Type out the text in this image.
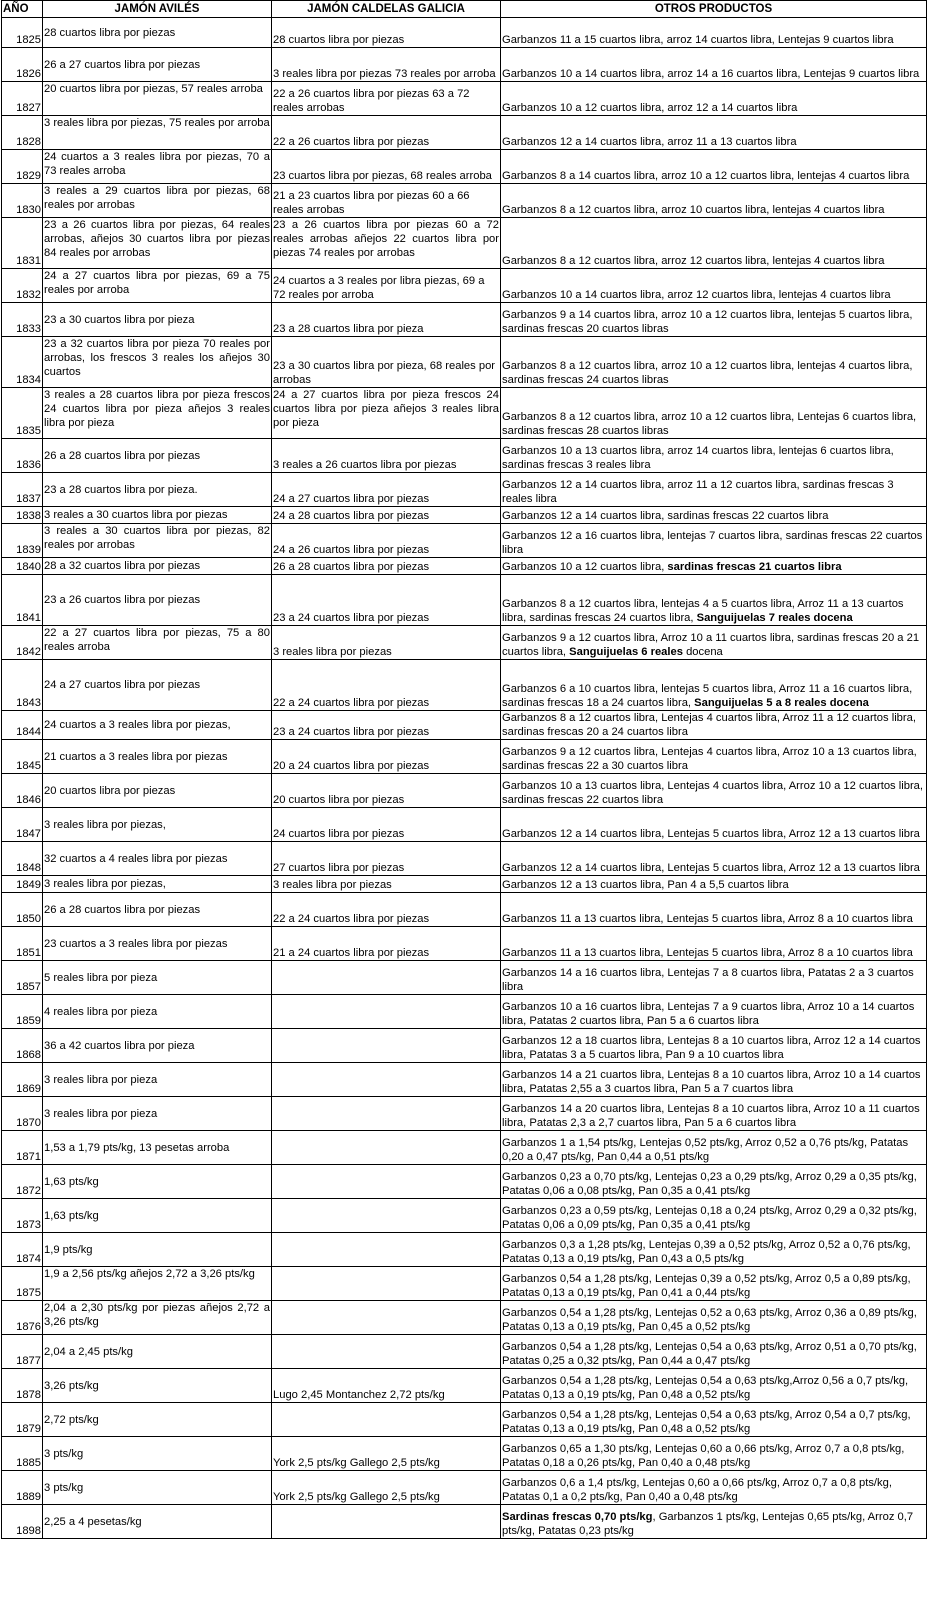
AÑO	JAMÓN AVILÉS	JAMÓN CALDELAS GALICIA	OTROS PRODUCTOS
1825	28 cuartos libra por piezas	28 cuartos libra por piezas	Garbanzos 11 a 15 cuartos libra, arroz 14 cuartos libra, Lentejas 9 cuartos libra
1826	26 a 27 cuartos libra por piezas	3 reales libra por piezas 73 reales por arroba	Garbanzos 10 a 14 cuartos libra, arroz 14 a 16 cuartos libra, Lentejas 9 cuartos libra
1827	20 cuartos libra por piezas, 57 reales arroba	22 a 26 cuartos libra por piezas 63 a 72 reales arrobas	Garbanzos 10 a 12 cuartos libra, arroz 12 a 14 cuartos libra
1828	3 reales libra por piezas, 75 reales por arroba	22 a 26 cuartos libra por piezas	Garbanzos 12 a 14 cuartos libra, arroz 11 a 13 cuartos libra
1829	24 cuartos a 3 reales libra por piezas, 70 a 73 reales arroba	23 cuartos libra por piezas, 68 reales arroba	Garbanzos 8 a 14 cuartos libra, arroz 10 a 12 cuartos libra, lentejas 4 cuartos libra
1830	3 reales a 29 cuartos libra por piezas, 68 reales por arrobas	21 a 23 cuartos libra por piezas 60 a 66 reales arrobas	Garbanzos 8 a 12 cuartos libra, arroz 10 cuartos libra, lentejas 4 cuartos libra
1831	23 a 26 cuartos libra por piezas, 64 reales arrobas, añejos 30 cuartos libra por piezas 84 reales por arrobas	23 a 26 cuartos libra por piezas 60 a 72 reales arrobas añejos 22 cuartos libra por piezas 74 reales por arrobas	Garbanzos 8 a 12 cuartos libra, arroz 12 cuartos libra, lentejas 4 cuartos libra
1832	24 a 27 cuartos libra por piezas, 69 a 75 reales por arroba	24 cuartos a 3 reales por libra piezas, 69 a 72 reales por arroba	Garbanzos 10 a 14 cuartos libra, arroz 12 cuartos libra, lentejas 4 cuartos libra
1833	23 a 30 cuartos libra por pieza	23 a 28 cuartos libra por pieza	Garbanzos 9 a 14 cuartos libra, arroz 10 a 12 cuartos libra, lentejas 5 cuartos libra, sardinas frescas 20 cuartos libras
1834	23 a 32 cuartos libra por pieza 70 reales por arrobas, los frescos 3 reales los añejos 30 cuartos	23 a 30 cuartos libra por pieza, 68 reales por arrobas	Garbanzos 8 a 12 cuartos libra, arroz 10 a 12 cuartos libra, lentejas 4 cuartos libra, sardinas frescas 24 cuartos libras
1835	3 reales a 28 cuartos libra por pieza frescos 24 cuartos libra por pieza añejos 3 reales libra por pieza	24 a 27 cuartos libra por pieza frescos 24 cuartos libra por pieza añejos 3 reales libra por pieza	Garbanzos 8 a 12 cuartos libra, arroz 10 a 12 cuartos libra, Lentejas 6 cuartos libra, sardinas frescas 28 cuartos libras
1836	26 a 28 cuartos libra por piezas	3 reales a 26 cuartos libra por piezas	Garbanzos 10 a 13 cuartos libra, arroz 14 cuartos libra, lentejas 6 cuartos libra, sardinas frescas 3 reales libra
1837	23 a 28 cuartos libra por pieza.	24 a 27 cuartos libra por piezas	Garbanzos 12 a 14 cuartos libra, arroz 11 a 12 cuartos libra, sardinas frescas 3 reales libra
1838	3 reales a 30 cuartos libra por piezas	24 a 28 cuartos libra por piezas	Garbanzos 12 a 14 cuartos libra, sardinas frescas 22 cuartos libra
1839	3 reales a 30 cuartos libra por piezas, 82 reales por arrobas	24 a 26 cuartos libra por piezas	Garbanzos 12 a 16 cuartos libra, lentejas 7 cuartos libra, sardinas frescas 22 cuartos libra
1840	28 a 32 cuartos libra por piezas	26 a 28 cuartos libra por piezas	Garbanzos 10 a 12 cuartos libra, sardinas frescas 21 cuartos libra
1841	23 a 26 cuartos libra por piezas	23 a 24 cuartos libra por piezas	Garbanzos 8 a 12 cuartos libra, lentejas 4 a 5 cuartos libra, Arroz 11 a 13 cuartos libra, sardinas frescas 24 cuartos libra, Sanguijuelas 7 reales docena
1842	22 a 27 cuartos libra por piezas, 75 a 80 reales arroba	3 reales libra por piezas	Garbanzos 9 a 12 cuartos libra, Arroz 10 a 11 cuartos libra, sardinas frescas 20 a 21 cuartos libra, Sanguijuelas 6 reales docena
1843	24 a 27 cuartos libra por piezas	22 a 24 cuartos libra por piezas	Garbanzos 6 a 10 cuartos libra, lentejas 5 cuartos libra, Arroz 11 a 16 cuartos libra, sardinas frescas 18 a 24 cuartos libra, Sanguijuelas 5 a 8 reales docena
1844	24 cuartos a 3 reales libra por piezas,	23 a 24 cuartos libra por piezas	Garbanzos 8 a 12 cuartos libra, Lentejas 4 cuartos libra, Arroz 11 a 12 cuartos libra, sardinas frescas 20 a 24 cuartos libra
1845	21 cuartos a 3 reales libra por piezas	20 a 24 cuartos libra por piezas	Garbanzos 9 a 12 cuartos libra, Lentejas 4 cuartos libra, Arroz 10 a 13 cuartos libra, sardinas frescas 22 a 30 cuartos libra
1846	20 cuartos libra por piezas	20 cuartos libra por piezas	Garbanzos 10 a 13 cuartos libra, Lentejas 4 cuartos libra, Arroz 10 a 12 cuartos libra, sardinas frescas 22 cuartos libra
1847	3 reales libra por piezas,	24 cuartos libra por piezas	Garbanzos 12 a 14 cuartos libra, Lentejas 5 cuartos libra, Arroz 12 a 13 cuartos libra
1848	32 cuartos a 4 reales libra por piezas	27 cuartos libra por piezas	Garbanzos 12 a 14 cuartos libra, Lentejas 5 cuartos libra, Arroz 12 a 13 cuartos libra
1849	3 reales libra por piezas,	3 reales libra por piezas	Garbanzos 12 a 13 cuartos libra, Pan 4 a 5,5 cuartos libra
1850	26 a 28 cuartos libra por piezas	22 a 24 cuartos libra por piezas	Garbanzos 11 a 13 cuartos libra, Lentejas 5 cuartos libra, Arroz 8 a 10 cuartos libra
1851	23 cuartos a 3 reales libra por piezas	21 a 24 cuartos libra por piezas	Garbanzos 11 a 13 cuartos libra, Lentejas 5 cuartos libra, Arroz 8 a 10 cuartos libra
1857	5 reales libra por pieza		Garbanzos 14 a 16 cuartos libra, Lentejas 7 a 8 cuartos libra, Patatas 2 a 3 cuartos libra
1859	4 reales libra por pieza		Garbanzos 10 a 16 cuartos libra, Lentejas 7 a 9 cuartos libra, Arroz 10 a 14 cuartos libra, Patatas 2 cuartos libra, Pan 5 a 6 cuartos libra
1868	36 a 42 cuartos libra por pieza		Garbanzos 12 a 18 cuartos libra, Lentejas 8 a 10 cuartos libra, Arroz 12 a 14 cuartos libra, Patatas 3 a 5 cuartos libra, Pan 9 a 10 cuartos libra
1869	3 reales libra por pieza		Garbanzos 14 a 21 cuartos libra, Lentejas 8 a 10 cuartos libra, Arroz 10 a 14 cuartos libra, Patatas 2,55 a 3 cuartos libra, Pan 5 a 7 cuartos libra
1870	3 reales libra por pieza		Garbanzos 14 a 20 cuartos libra, Lentejas 8 a 10 cuartos libra, Arroz 10 a 11 cuartos libra, Patatas 2,3 a 2,7 cuartos libra, Pan 5 a 6 cuartos libra
1871	1,53 a 1,79 pts/kg, 13 pesetas arroba		Garbanzos 1 a 1,54 pts/kg, Lentejas 0,52 pts/kg, Arroz 0,52 a 0,76 pts/kg, Patatas 0,20 a 0,47 pts/kg, Pan 0,44 a 0,51 pts/kg
1872	1,63 pts/kg		Garbanzos 0,23 a 0,70 pts/kg, Lentejas 0,23 a 0,29 pts/kg, Arroz 0,29 a 0,35 pts/kg, Patatas 0,06 a 0,08 pts/kg, Pan 0,35 a 0,41 pts/kg
1873	1,63 pts/kg		Garbanzos 0,23 a 0,59 pts/kg, Lentejas 0,18 a 0,24 pts/kg, Arroz 0,29 a 0,32 pts/kg, Patatas 0,06 a 0,09 pts/kg, Pan 0,35 a 0,41 pts/kg
1874	1,9 pts/kg		Garbanzos 0,3 a 1,28 pts/kg, Lentejas 0,39 a 0,52 pts/kg, Arroz 0,52 a 0,76 pts/kg, Patatas 0,13 a 0,19 pts/kg, Pan 0,43 a 0,5 pts/kg
1875	1,9 a 2,56 pts/kg añejos 2,72 a 3,26 pts/kg		Garbanzos 0,54 a 1,28 pts/kg, Lentejas 0,39 a 0,52 pts/kg, Arroz 0,5 a 0,89 pts/kg, Patatas 0,13 a 0,19 pts/kg, Pan 0,41 a 0,44 pts/kg
1876	2,04 a 2,30 pts/kg por piezas añejos 2,72 a 3,26 pts/kg		Garbanzos 0,54 a 1,28 pts/kg, Lentejas 0,52 a 0,63 pts/kg, Arroz 0,36 a 0,89 pts/kg, Patatas 0,13 a 0,19 pts/kg, Pan 0,45 a 0,52 pts/kg
1877	2,04 a 2,45 pts/kg		Garbanzos 0,54 a 1,28 pts/kg, Lentejas 0,54 a 0,63 pts/kg, Arroz 0,51 a 0,70 pts/kg, Patatas 0,25 a 0,32 pts/kg, Pan 0,44 a 0,47 pts/kg
1878	3,26 pts/kg	Lugo 2,45 Montanchez 2,72 pts/kg	Garbanzos 0,54 a 1,28 pts/kg, Lentejas 0,54 a 0,63 pts/kg,Arroz 0,56 a 0,7 pts/kg, Patatas 0,13 a 0,19 pts/kg, Pan 0,48 a 0,52 pts/kg
1879	2,72 pts/kg		Garbanzos 0,54 a 1,28 pts/kg, Lentejas 0,54 a 0,63 pts/kg, Arroz 0,54 a 0,7 pts/kg, Patatas 0,13 a 0,19 pts/kg, Pan 0,48 a 0,52 pts/kg
1885	3 pts/kg	York 2,5 pts/kg Gallego 2,5 pts/kg	Garbanzos 0,65 a 1,30 pts/kg, Lentejas 0,60 a 0,66 pts/kg, Arroz 0,7 a 0,8 pts/kg, Patatas 0,18 a 0,26 pts/kg, Pan 0,40 a 0,48 pts/kg
1889	3 pts/kg	York 2,5 pts/kg Gallego 2,5 pts/kg	Garbanzos 0,6 a 1,4 pts/kg, Lentejas 0,60 a 0,66 pts/kg, Arroz 0,7 a 0,8 pts/kg, Patatas 0,1 a 0,2 pts/kg, Pan 0,40 a 0,48 pts/kg
1898	2,25 a 4 pesetas/kg		Sardinas frescas 0,70 pts/kg, Garbanzos 1 pts/kg, Lentejas 0,65 pts/kg, Arroz 0,7 pts/kg, Patatas 0,23 pts/kg
